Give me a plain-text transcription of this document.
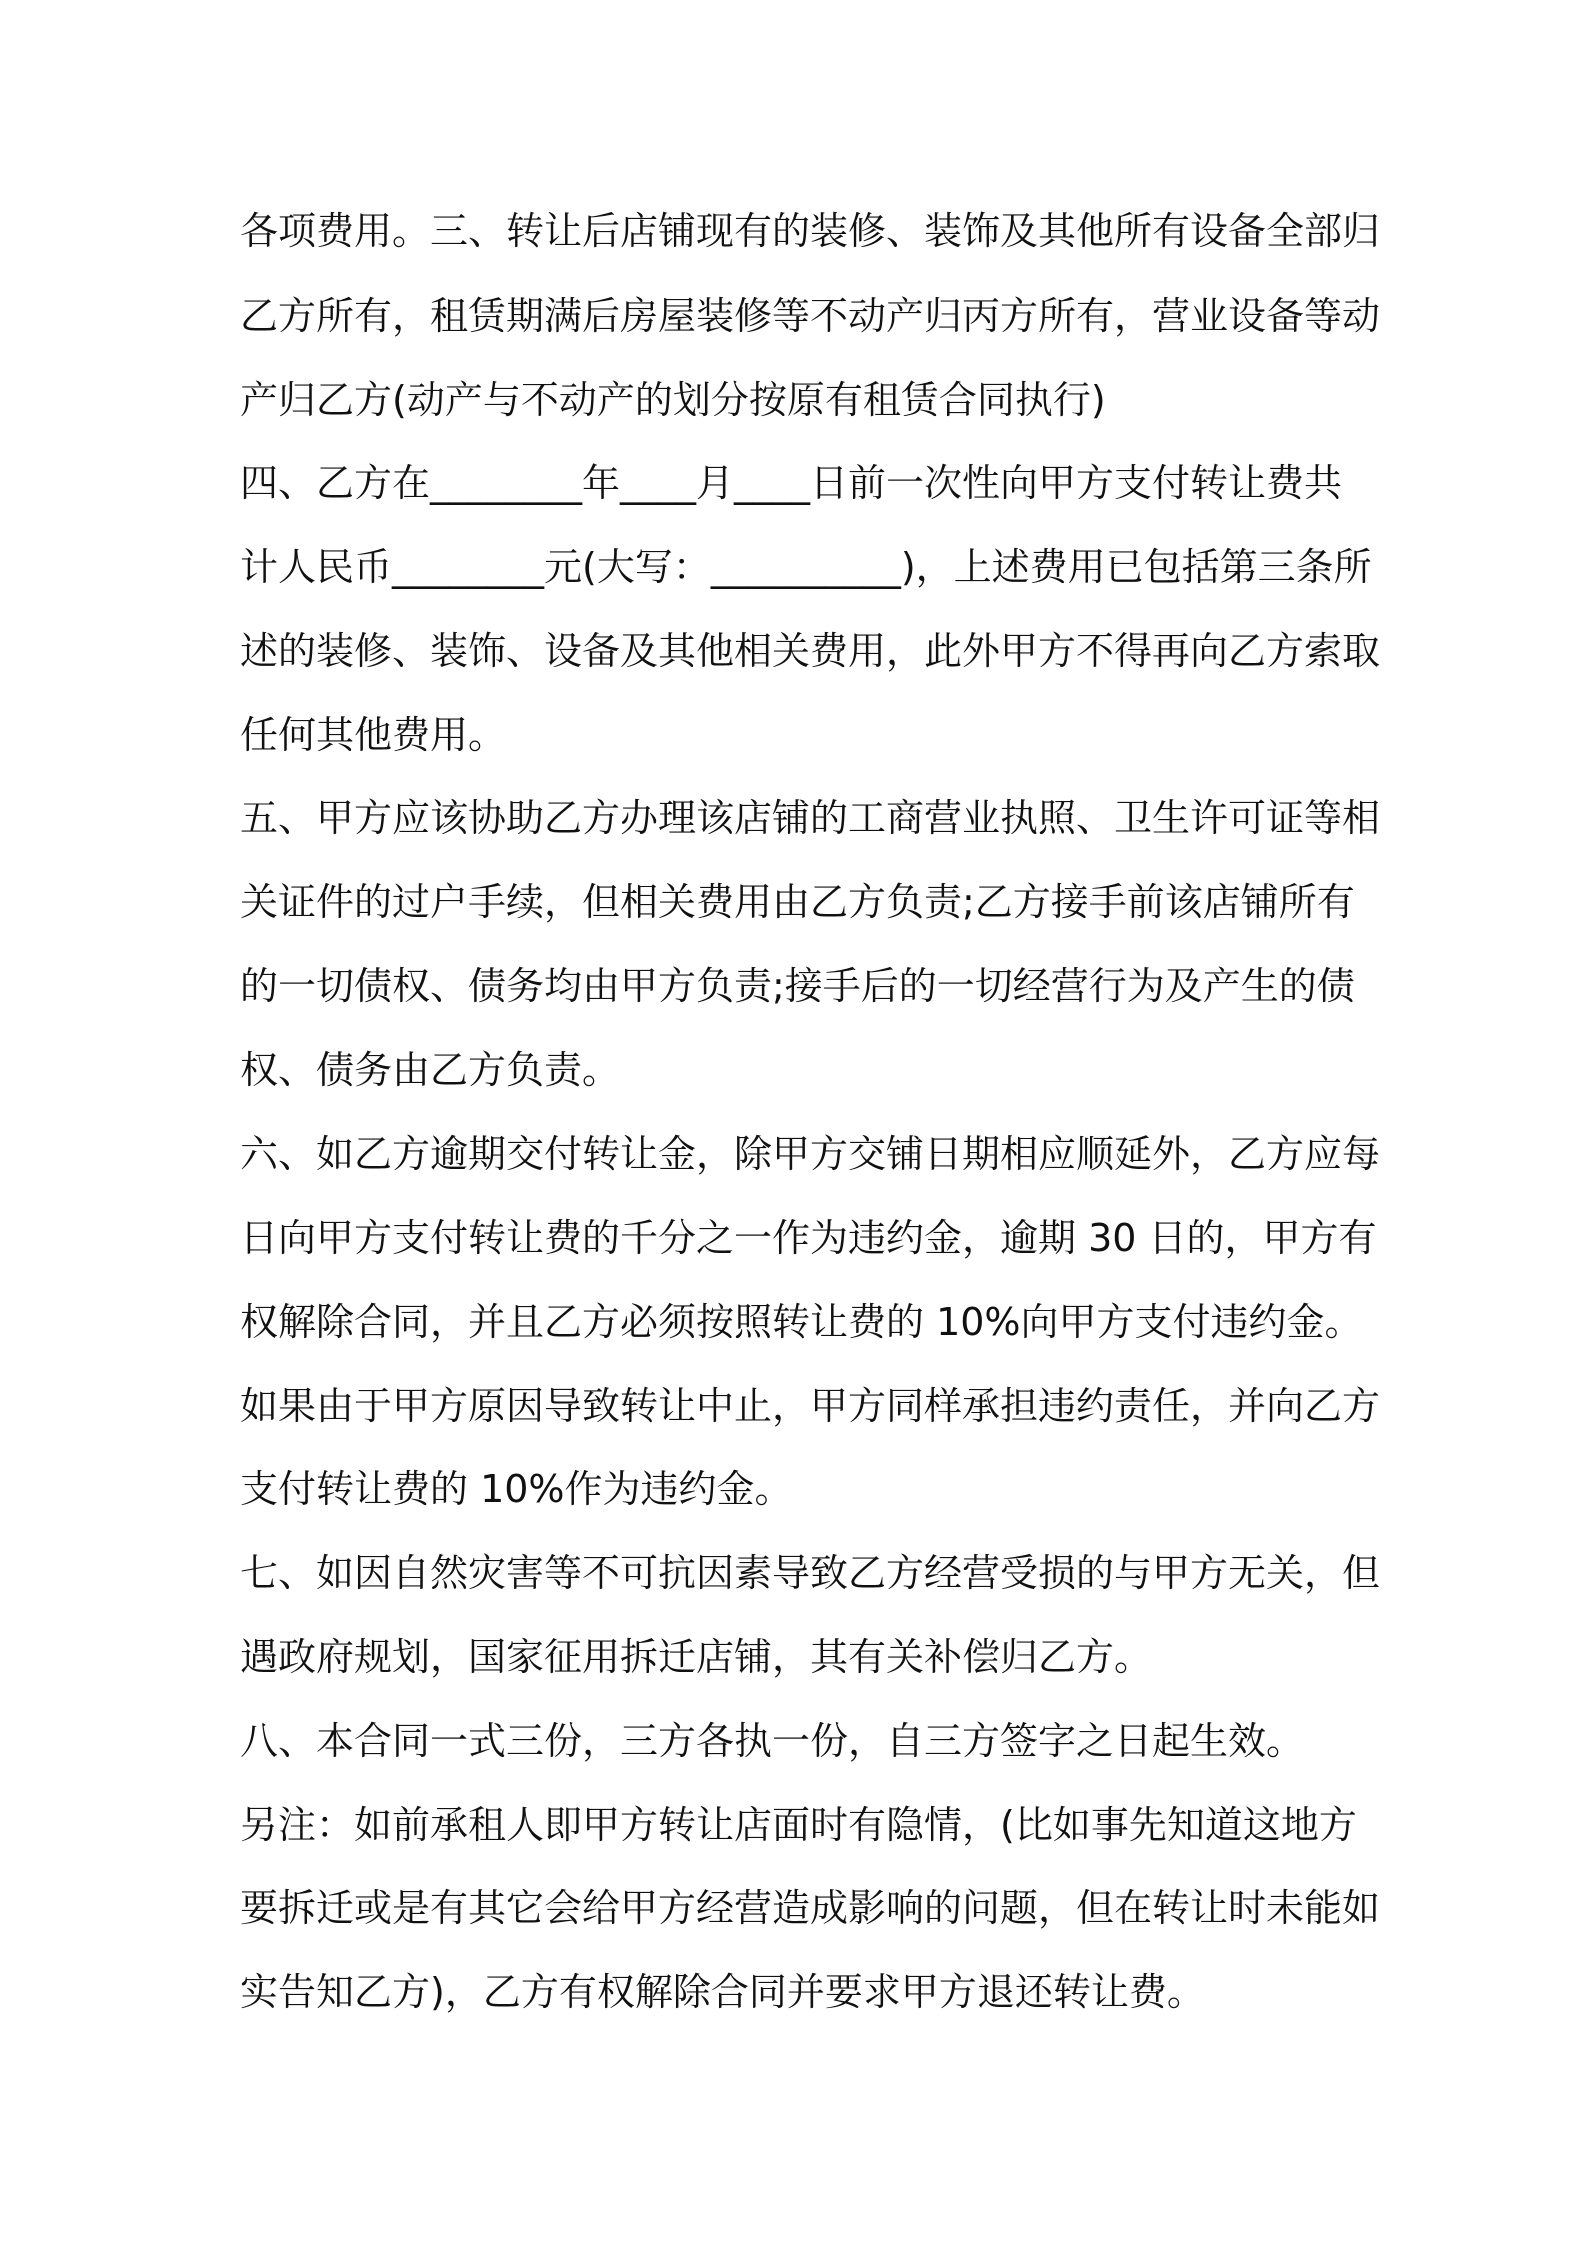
各项费用。三、转让后店铺现有的装修、装饰及其他所有设备全部归
乙方所有，租赁期满后房屋装修等不动产归丙方所有，营业设备等动
产归乙方(动产与不动产的划分按原有租赁合同执行)
四、乙方在________年____月____日前一次性向甲方支付转让费共
计人民币________元(大写：__________)，上述费用已包括第三条所
述的装修、装饰、设备及其他相关费用，此外甲方不得再向乙方索取
任何其他费用。
五、甲方应该协助乙方办理该店铺的工商营业执照、卫生许可证等相
关证件的过户手续，但相关费用由乙方负责;乙方接手前该店铺所有
的一切债权、债务均由甲方负责;接手后的一切经营行为及产生的债
权、债务由乙方负责。
六、如乙方逾期交付转让金，除甲方交铺日期相应顺延外，乙方应每
日向甲方支付转让费的千分之一作为违约金，逾期 30 日的，甲方有
权解除合同，并且乙方必须按照转让费的 10%向甲方支付违约金。
如果由于甲方原因导致转让中止，甲方同样承担违约责任，并向乙方
支付转让费的 10%作为违约金。
七、如因自然灾害等不可抗因素导致乙方经营受损的与甲方无关，但
遇政府规划，国家征用拆迁店铺，其有关补偿归乙方。
八、本合同一式三份，三方各执一份，自三方签字之日起生效。
另注：如前承租人即甲方转让店面时有隐情，(比如事先知道这地方
要拆迁或是有其它会给甲方经营造成影响的问题，但在转让时未能如
实告知乙方)，乙方有权解除合同并要求甲方退还转让费。
